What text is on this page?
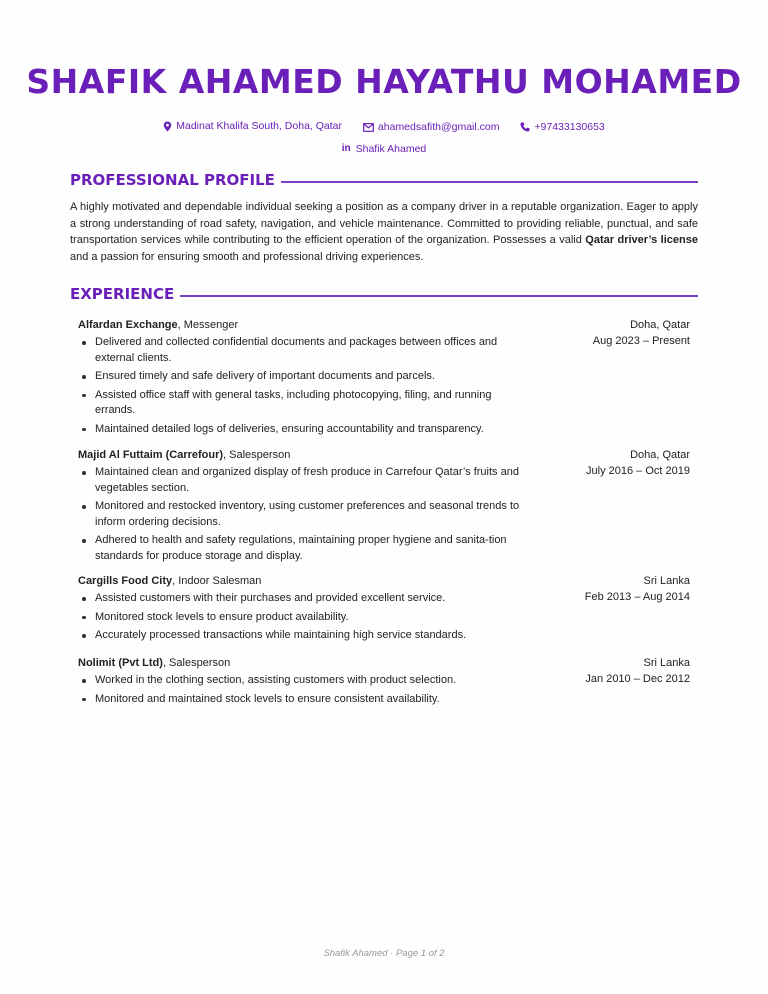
SHAFIK AHAMED HAYATHU MOHAMED
Madinat Khalifa South, Doha, Qatar
	ahamedsafith@gmail.com
	+97433130653
in Shafik Ahamed
PROFESSIONAL PROFILE
A highly motivated and dependable individual seeking a position as a company driver in a reputable organization. Eager to apply a strong understanding of road safety, navigation, and vehicle maintenance. Committed to providing reliable, punctual, and safe transportation services while contributing to the efficient operation of the organization. Possesses a valid Qatar driver’s license and a passion for ensuring smooth and professional driving experiences.
EXPERIENCE
Alfardan Exchange, Messenger	Doha, Qatar
Aug 2023 – Present
Delivered and collected confidential documents and packages between offices and external clients.
Ensured timely and safe delivery of important documents and parcels.
Assisted office staff with general tasks, including photocopying, filing, and running errands.
Maintained detailed logs of deliveries, ensuring accountability and transparency.
Majid Al Futtaim (Carrefour), Salesperson	Doha, Qatar
July 2016 – Oct 2019
Maintained clean and organized display of fresh produce in Carrefour Qatar’s fruits and vegetables section.
Monitored and restocked inventory, using customer preferences and seasonal trends to inform ordering decisions.
Adhered to health and safety regulations, maintaining proper hygiene and sanita-tion standards for produce storage and display.
Cargills Food City, Indoor Salesman	Sri Lanka
Feb 2013 – Aug 2014
Assisted customers with their purchases and provided excellent service.
Monitored stock levels to ensure product availability.
Accurately processed transactions while maintaining high service standards.
Nolimit (Pvt Ltd), Salesperson	Sri Lanka
Jan 2010 – Dec 2012
Worked in the clothing section, assisting customers with product selection.
Monitored and maintained stock levels to ensure consistent availability.
Shafik Ahamed · Page 1 of 2
